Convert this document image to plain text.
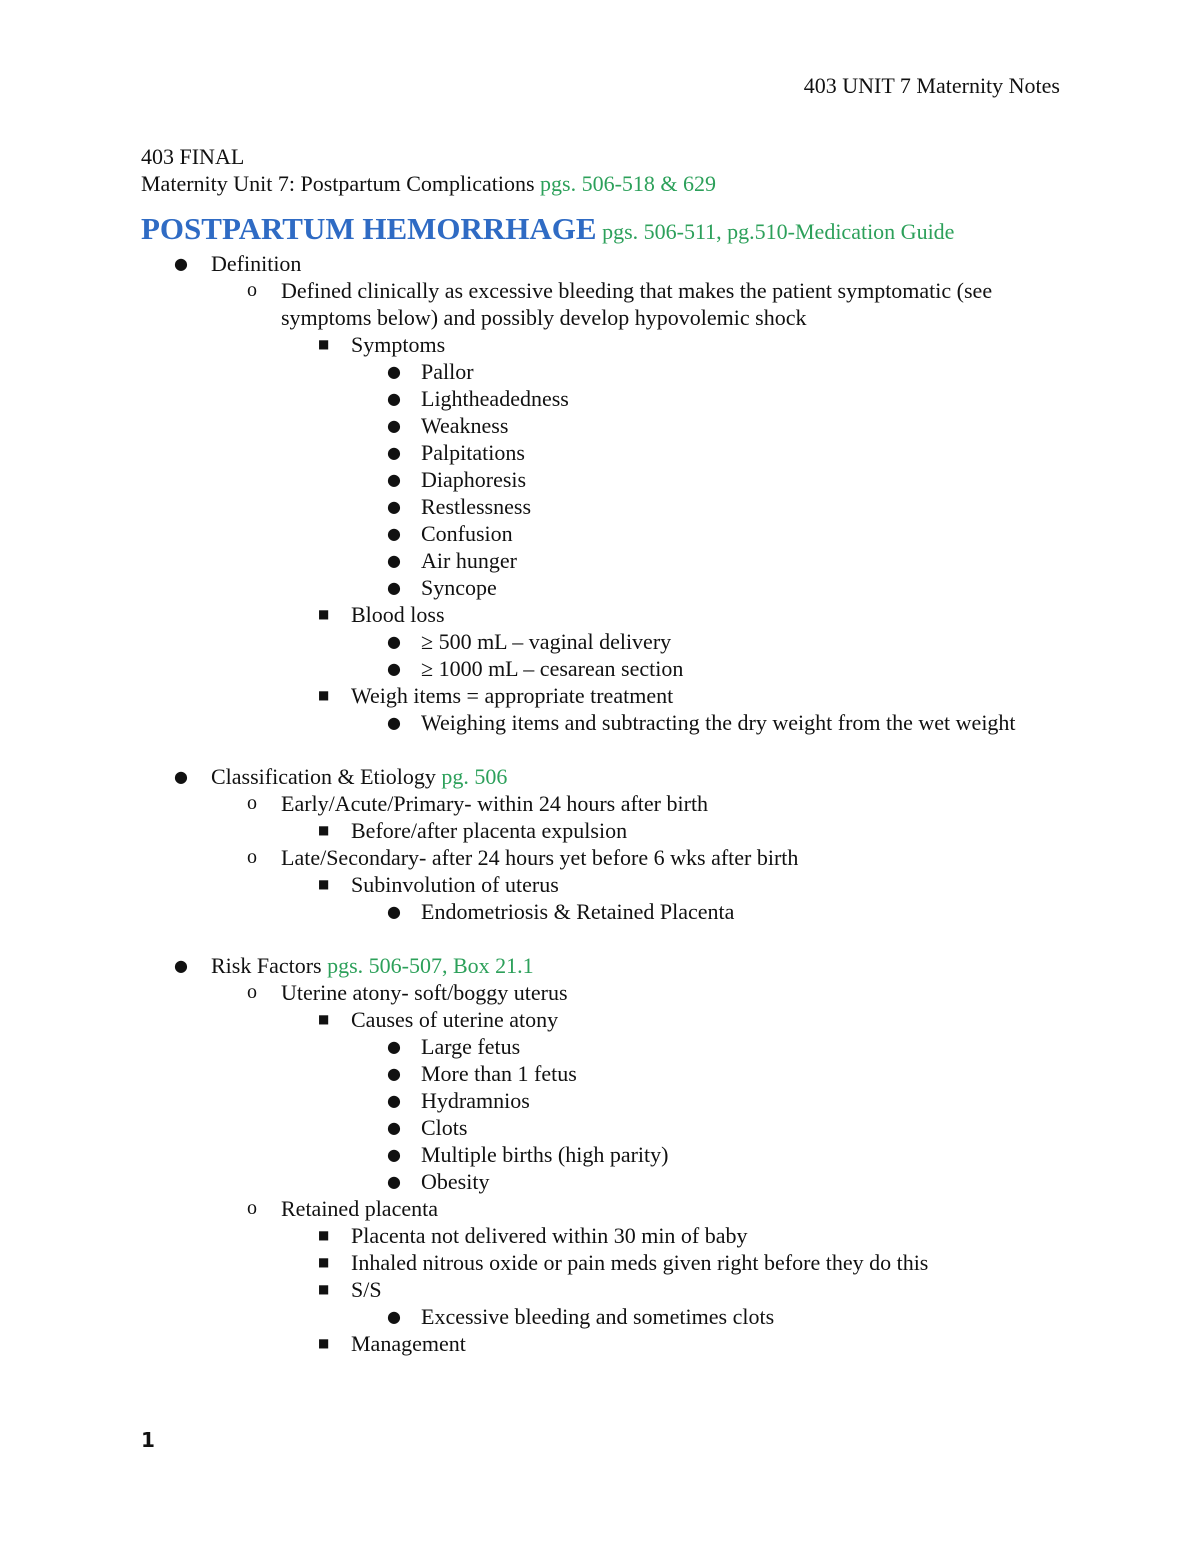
403 UNIT 7 Maternity Notes
403 FINAL
Maternity Unit 7: Postpartum Complications pgs. 506-518 & 629
POSTPARTUM HEMORRHAGE pgs. 506-511, pg.510-Medication Guide
● Definition
o Defined clinically as excessive bleeding that makes the patient symptomatic (see symptoms below) and possibly develop hypovolemic shock
■ Symptoms
● Pallor
● Lightheadedness
● Weakness
● Palpitations
● Diaphoresis
● Restlessness
● Confusion
● Air hunger
● Syncope
■ Blood loss
● ≥ 500 mL – vaginal delivery
● ≥ 1000 mL – cesarean section
■ Weigh items = appropriate treatment
● Weighing items and subtracting the dry weight from the wet weight
● Classification & Etiology pg. 506
o Early/Acute/Primary- within 24 hours after birth
■ Before/after placenta expulsion
o Late/Secondary- after 24 hours yet before 6 wks after birth
■ Subinvolution of uterus
● Endometriosis & Retained Placenta
● Risk Factors pgs. 506-507, Box 21.1
o Uterine atony- soft/boggy uterus
■ Causes of uterine atony
● Large fetus
● More than 1 fetus
● Hydramnios
● Clots
● Multiple births (high parity)
● Obesity
o Retained placenta
■ Placenta not delivered within 30 min of baby
■ Inhaled nitrous oxide or pain meds given right before they do this
■ S/S
● Excessive bleeding and sometimes clots
■ Management
1
